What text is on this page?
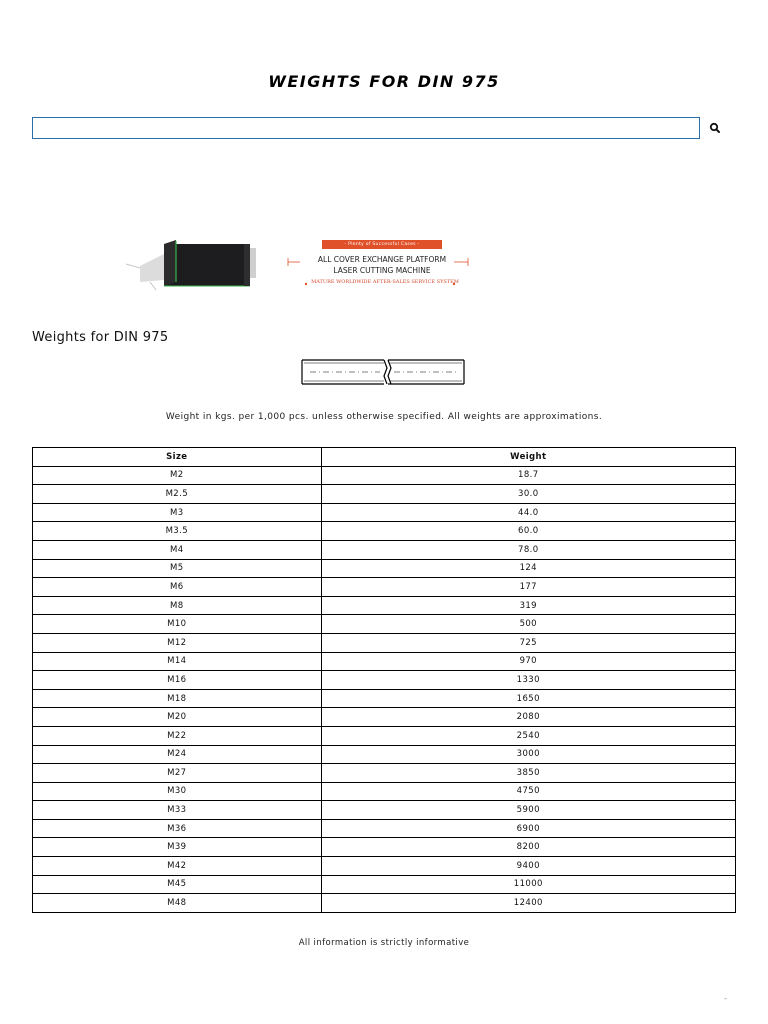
WEIGHTS FOR DIN 975
- Plenty of Successful Cases -
ALL COVER EXCHANGE PLATFORM
LASER CUTTING MACHINE
MATURE WORLDWIDE AFTER-SALES SERVICE SYSTEM
Weights for DIN 975
Weight in kgs. per 1,000 pcs. unless otherwise specified. All weights are approximations.
Size	Weight
M2	18.7
M2.5	30.0
M3	44.0
M3.5	60.0
M4	78.0
M5	124
M6	177
M8	319
M10	500
M12	725
M14	970
M16	1330
M18	1650
M20	2080
M22	2540
M24	3000
M27	3850
M30	4750
M33	5900
M36	6900
M39	8200
M42	9400
M45	11000
M48	12400
All information is strictly informative
-
